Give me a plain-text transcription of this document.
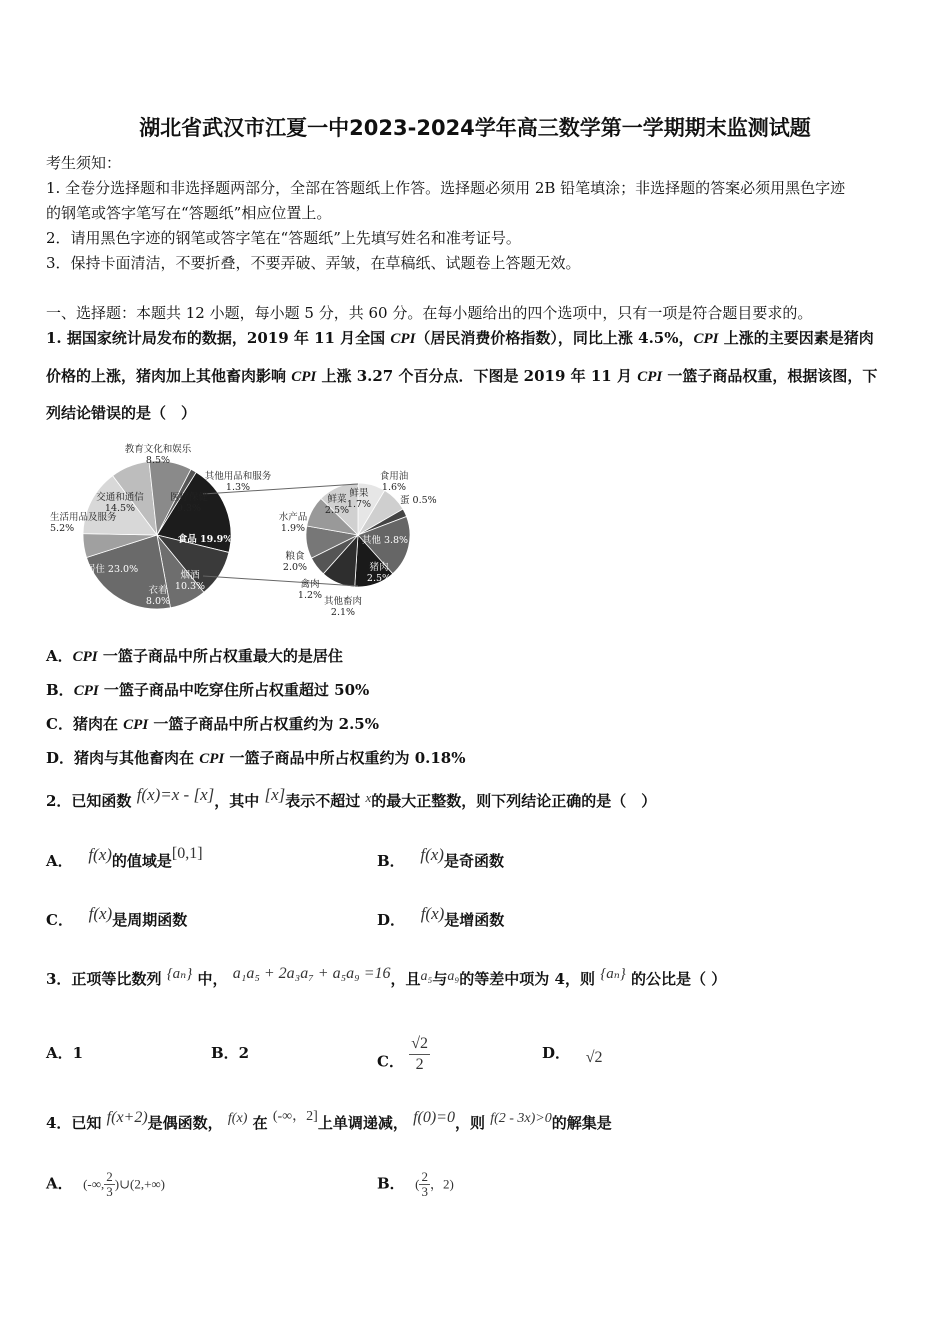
湖北省武汉市江夏一中2023-2024学年高三数学第一学期期末监测试题
考生须知：
1. 全卷分选择题和非选择题两部分，全部在答题纸上作答。选择题必须用 2B 铅笔填涂；非选择题的答案必须用黑色字迹
的钢笔或答字笔写在“答题纸”相应位置上。
2．请用黑色字迹的钢笔或答字笔在“答题纸”上先填写姓名和准考证号。
3．保持卡面清洁，不要折叠，不要弄破、弄皱，在草稿纸、试题卷上答题无效。
一、选择题：本题共 12 小题，每小题 5 分，共 60 分。在每小题给出的四个选项中，只有一项是符合题目要求的。
1. 据国家统计局发布的数据，2019 年 11 月全国 CPI（居民消费价格指数），同比上涨 4.5%，CPI 上涨的主要因素是猪肉
价格的上涨，猪肉加上其他畜肉影响 CPI 上涨 3.27 个百分点．下图是 2019 年 11 月 CPI 一篮子商品权重，根据该图，下
列结论错误的是（　）
食品 19.9%
烟酒 10.3%
衣着 8.0%
居住 23.0%
生活用品及服务 5.2%
交通和通信 14.5%
教育文化和娱乐 8.5%
医疗保健 9.3%
其他用品和服务 1.3%
鲜果 1.7%
食用油 1.6%
蛋 0.5%
其他 3.8%
猪肉 2.5%
其他畜肉 2.1%
禽肉 1.2%
粮食 2.0%
水产品 1.9%
鲜菜 2.5%
A．CPI 一篮子商品中所占权重最大的是居住
B．CPI 一篮子商品中吃穿住所占权重超过 50%
C．猪肉在 CPI 一篮子商品中所占权重约为 2.5%
D．猪肉与其他畜肉在 CPI 一篮子商品中所占权重约为 0.18%
2．已知函数 f(x)=x - [x]，其中 [x]表示不超过 x的最大正整数，则下列结论正确的是（　）
A． f(x)的值域是[0,1]	B． f(x)是奇函数
C． f(x)是周期函数	D． f(x)是增函数
3．正项等比数列 {aₙ} 中， a₁a₅ + 2a₃a₇ + a₅a₉ =16，且a₅与a₉的等差中项为 4，则 {aₙ} 的公比是（ ）
A．1	B．2	C． $\frac{√2}{2}$	D． √2
4．已知 f(x+2)是偶函数， f(x) 在 (-∞，2]上单调递减， f(0)=0，则 f(2 - 3x)>0的解集是
A． (-∞, $\frac{2}{3}$ )∪(2,+∞)	B． ( $\frac{2}{3}$ ，2)
